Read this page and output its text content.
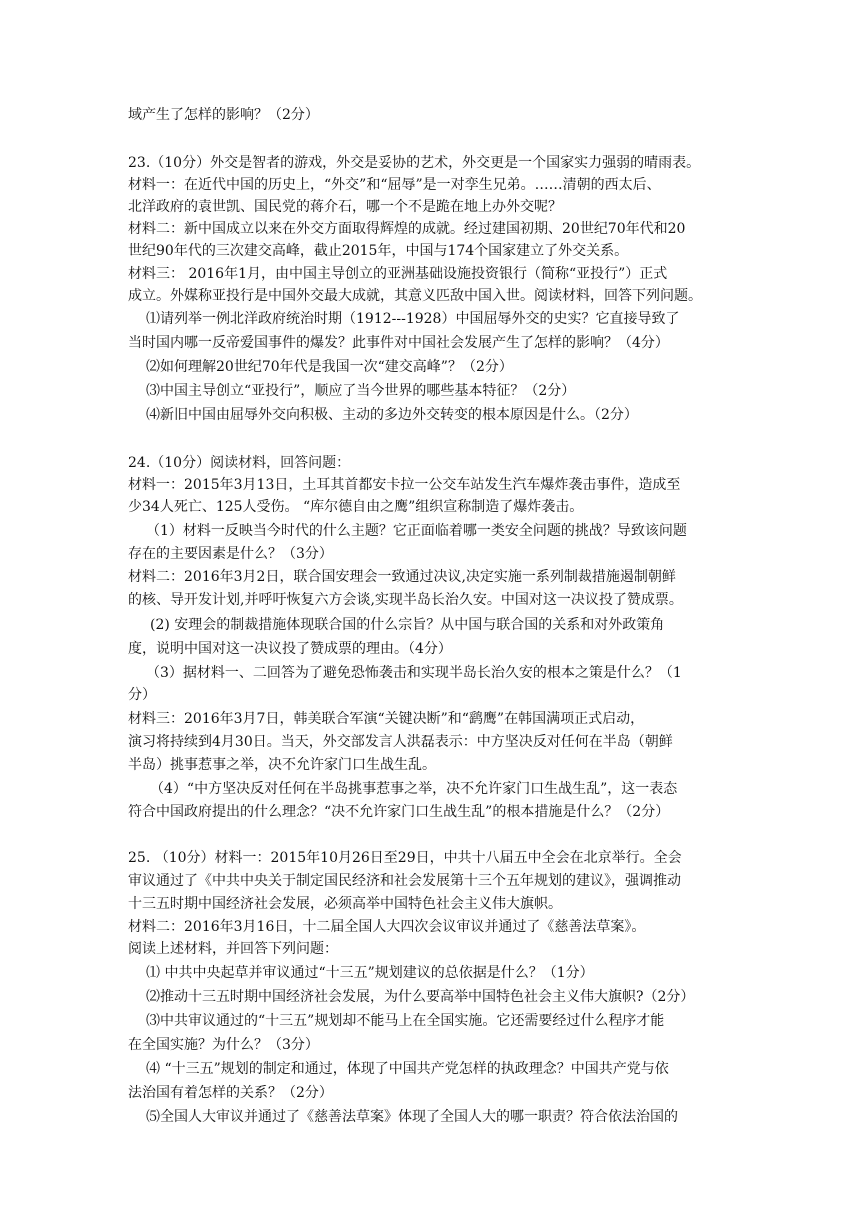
域产生了怎样的影响？（2分）
23.（10分）外交是智者的游戏，外交是妥协的艺术，外交更是一个国家实力强弱的晴雨表。
材料一：在近代中国的历史上，“外交”和“屈辱”是一对孪生兄弟。……清朝的西太后、
北洋政府的袁世凯、国民党的蒋介石，哪一个不是跪在地上办外交呢？
材料二：新中国成立以来在外交方面取得辉煌的成就。经过建国初期、20世纪70年代和20
世纪90年代的三次建交高峰，截止2015年，中国与174个国家建立了外交关系。
材料三： 2016年1月，由中国主导创立的亚洲基础设施投资银行（简称“亚投行”）正式
成立。外媒称亚投行是中国外交最大成就，其意义匹敌中国入世。阅读材料，回答下列问题。
⑴请列举一例北洋政府统治时期（1912---1928）中国屈辱外交的史实？它直接导致了
当时国内哪一反帝爱国事件的爆发？此事件对中国社会发展产生了怎样的影响？（4分）
⑵如何理解20世纪70年代是我国一次“建交高峰”？（2分）
⑶中国主导创立“亚投行”，顺应了当今世界的哪些基本特征？（2分）
⑷新旧中国由屈辱外交向积极、主动的多边外交转变的根本原因是什么。（2分）
24.（10分）阅读材料，回答问题：
材料一：2015年3月13日，土耳其首都安卡拉一公交车站发生汽车爆炸袭击事件，造成至
少34人死亡、125人受伤。 “库尔德自由之鹰”组织宣称制造了爆炸袭击。
（1）材料一反映当今时代的什么主题？它正面临着哪一类安全问题的挑战？导致该问题
存在的主要因素是什么？（3分）
材料二：2016年3月2日，联合国安理会一致通过决议,决定实施一系列制裁措施遏制朝鲜
的核、导开发计划,并呼吁恢复六方会谈,实现半岛长治久安。中国对这一决议投了赞成票。
(2) 安理会的制裁措施体现联合国的什么宗旨？从中国与联合国的关系和对外政策角
度，说明中国对这一决议投了赞成票的理由。（4分）
（3）据材料一、二回答为了避免恐怖袭击和实现半岛长治久安的根本之策是什么？（1
分）
材料三：2016年3月7日，韩美联合军演“关键决断”和“鹞鹰”在韩国满项正式启动，
演习将持续到4月30日。当天，外交部发言人洪磊表示：中方坚决反对任何在半岛（朝鲜
半岛）挑事惹事之举，决不允许家门口生战生乱。
（4）“中方坚决反对任何在半岛挑事惹事之举，决不允许家门口生战生乱”，这一表态
符合中国政府提出的什么理念？“决不允许家门口生战生乱”的根本措施是什么？（2分）
25. （10分）材料一：2015年10月26日至29日，中共十八届五中全会在北京举行。全会
审议通过了《中共中央关于制定国民经济和社会发展第十三个五年规划的建议》，强调推动
十三五时期中国经济社会发展，必须高举中国特色社会主义伟大旗帜。
材料二：2016年3月16日，十二届全国人大四次会议审议并通过了《慈善法草案》。
阅读上述材料，并回答下列问题：
⑴ 中共中央起草并审议通过“十三五”规划建议的总依据是什么？（1分）
⑵推动十三五时期中国经济社会发展，为什么要高举中国特色社会主义伟大旗帜?（2分）
⑶中共审议通过的“十三五”规划却不能马上在全国实施。它还需要经过什么程序才能
在全国实施？为什么？（3分）
⑷ “十三五”规划的制定和通过，体现了中国共产党怎样的执政理念？中国共产党与依
法治国有着怎样的关系？（2分）
⑸全国人大审议并通过了《慈善法草案》体现了全国人大的哪一职责？符合依法治国的
